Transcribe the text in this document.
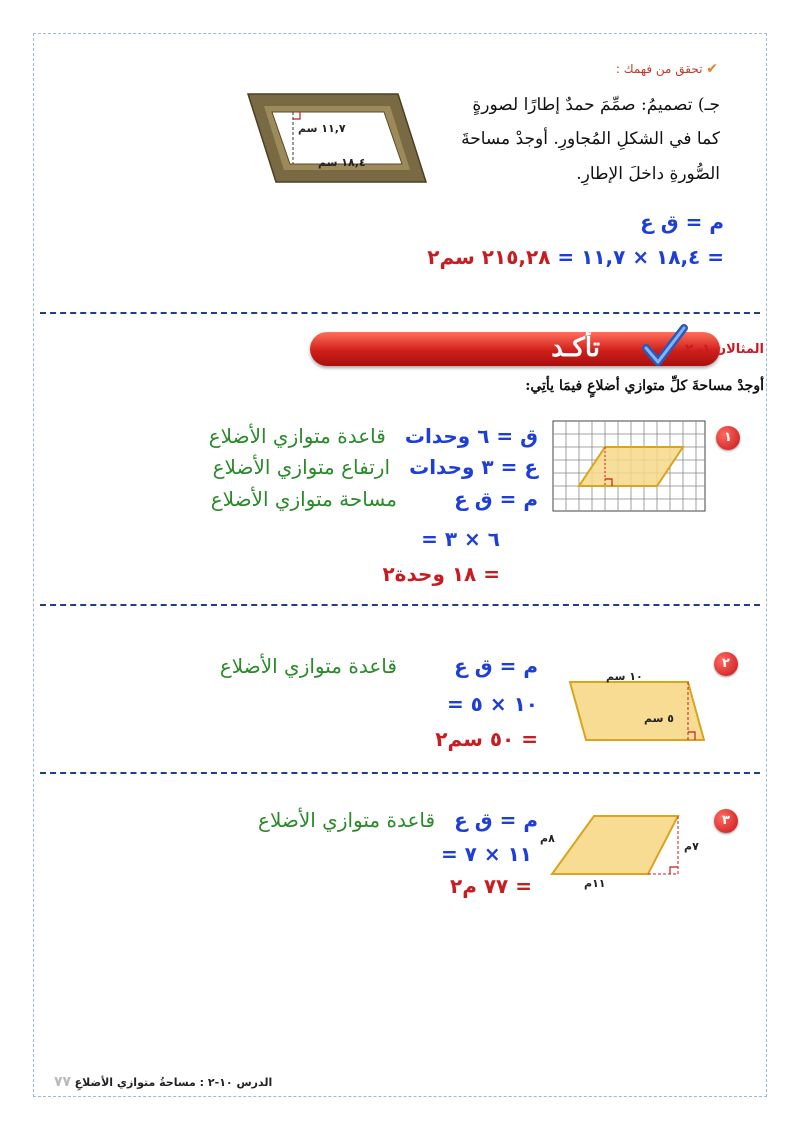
✔ تحقق من فهمك :
جـ) تصميمُ: صمِّمَ حمدٌ إطارًا لصورةٍ
كما في الشكلِ المُجاورِ. أوجدْ مساحةَ
الصُّورةِ داخلَ الإطارِ.
١١,٧ سم
١٨,٤ سم
م = ق ع
= ١٨,٤ × ١١,٧ = ٢١٥,٢٨ سم٢
تأكـد	المثالان ١، ٢
أوجدْ مساحةَ كلِّ متوازي أضلاعٍ فيمَا يأتِي:
١
ق = ٦ وحدات   قاعدة متوازي الأضلاع
ع = ٣ وحدات   ارتفاع متوازي الأضلاع
م = ق ع         مساحة متوازي الأضلاع
= ٦ × ٣
= ١٨ وحدة٢
٢
١٠ سم
٥ سم
م = ق ع         قاعدة متوازي الأضلاع
= ١٠ × ٥
= ٥٠ سم٢
٣
٨م
٧م
١١م
م = ق ع   قاعدة متوازي الأضلاع
= ١١ × ٧
= ٧٧ م٢
الدرس ١٠-٢ : مساحةُ متوازي الأضلاعِ ٧٧
